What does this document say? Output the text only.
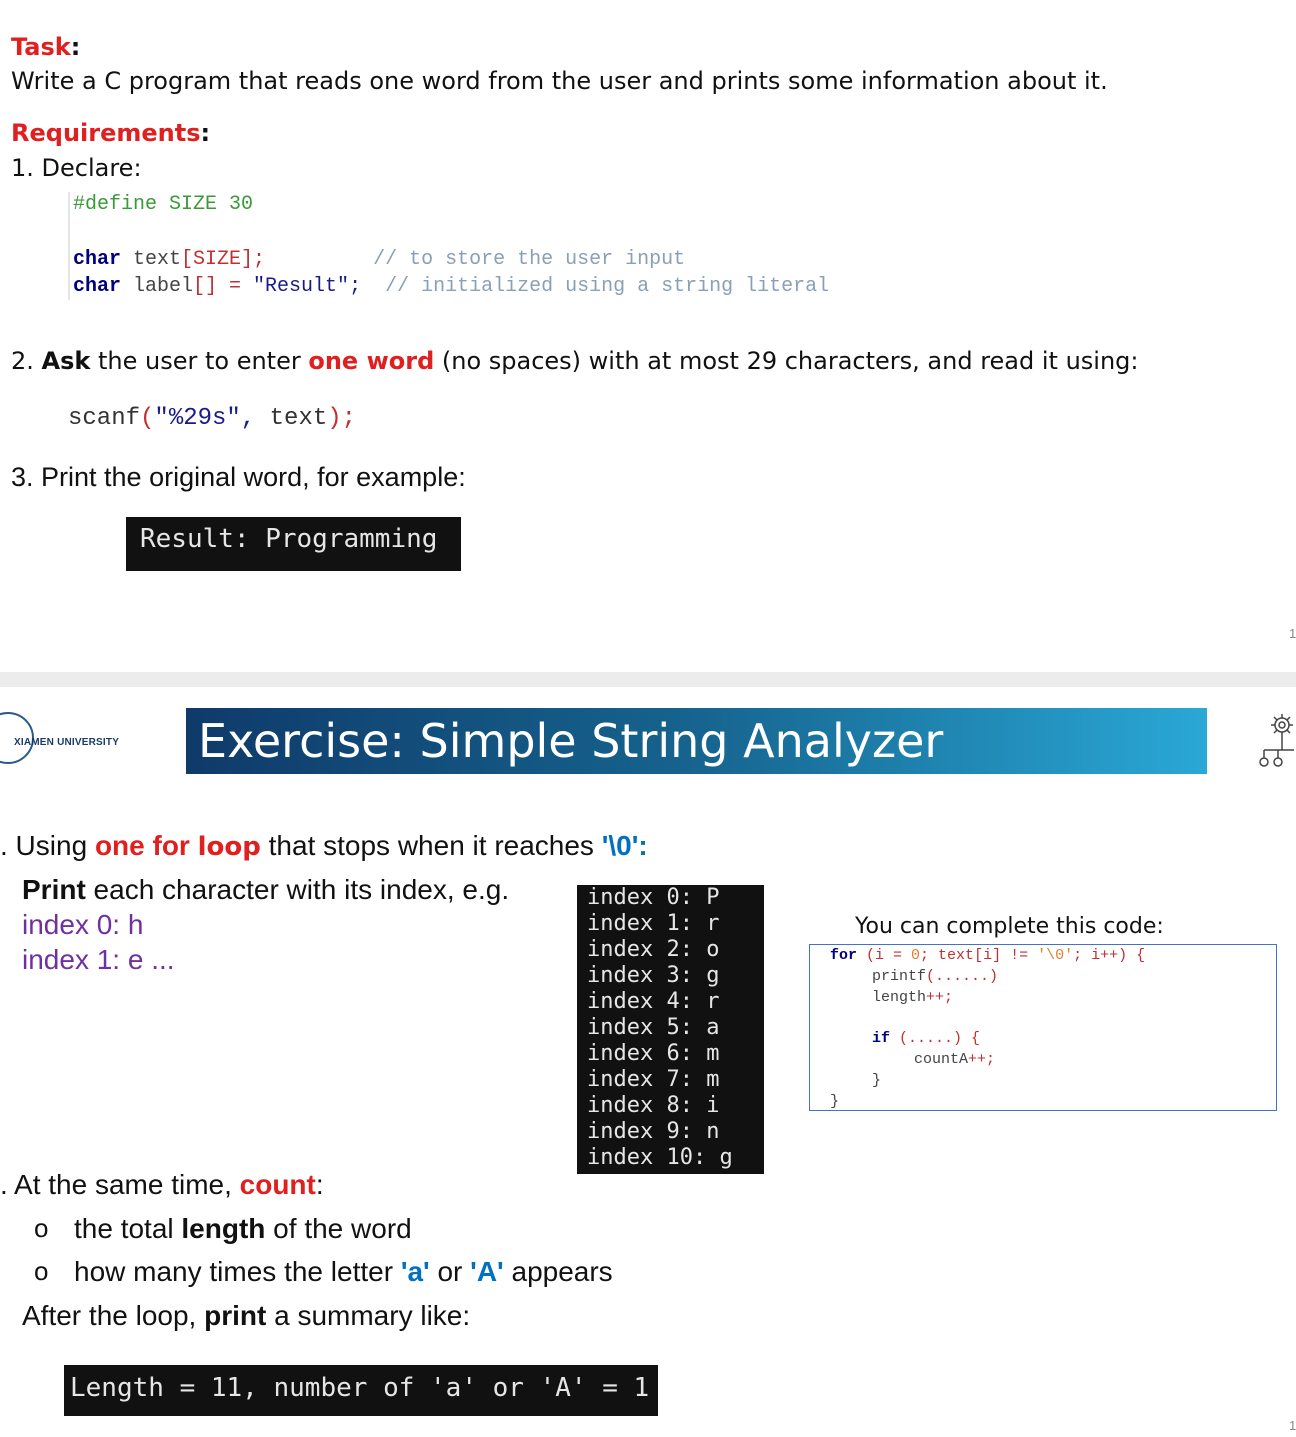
Task:
Write a C program that reads one word from the user and prints some information about it.
Requirements:
1. Declare:
#define SIZE 30
char text[SIZE];	// to store the user input
char label[] = "Result"; // initialized using a string literal
2. Ask the user to enter one word (no spaces) with at most 29 characters, and read it using:
scanf("%29s", text);
3. Print the original word, for example:
Result: Programming
1
XIAMEN UNIVERSITY Exercise: Simple String Analyzer
. Using one for loop that stops when it reaches '\0':
Print each character with its index, e.g.
index 0: h
index 1: e ...
index 0: P
index 1: r
index 2: o
index 3: g
index 4: r
index 5: a
index 6: m
index 7: m
index 8: i
index 9: n
index 10: g
You can complete this code:
for (i = 0; text[i] != '\0'; i++) {
printf(......)
length++;
if (.....) {
countA++;
}
}
. At the same time, count:
o the total length of the word
o how many times the letter 'a' or 'A' appears
After the loop, print a summary like:
Length = 11, number of 'a' or 'A' = 1
1
